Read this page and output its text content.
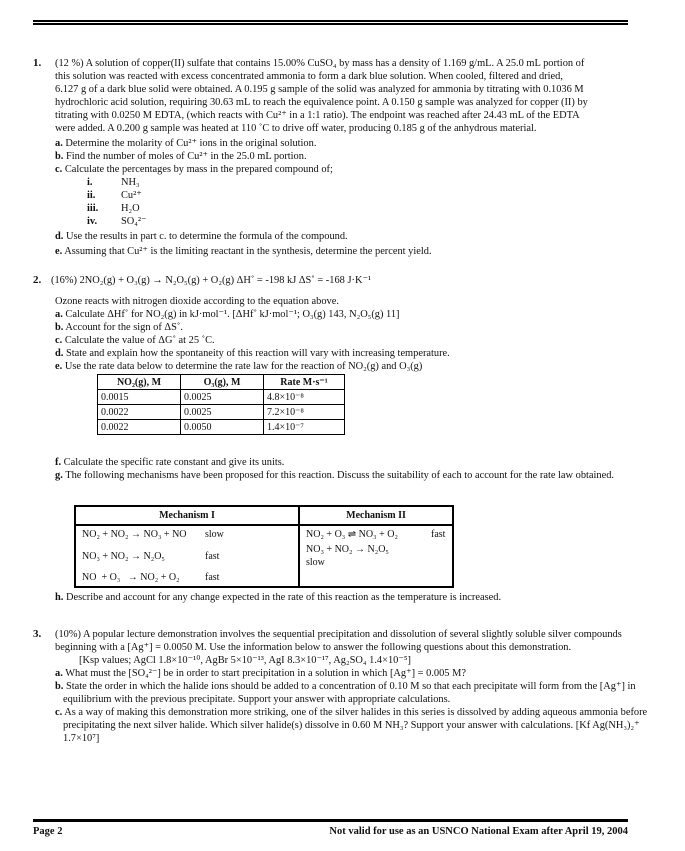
1. (12 %) A solution of copper(II) sulfate that contains 15.00% CuSO₄ by mass has a density of 1.169 g/mL. A 25.0 mL portion of
this solution was reacted with excess concentrated ammonia to form a dark blue solution. When cooled, filtered and dried,
6.127 g of a dark blue solid were obtained. A 0.195 g sample of the solid was analyzed for ammonia by titrating with 0.1036 M
hydrochloric acid solution, requiring 30.63 mL to reach the equivalence point. A 0.150 g sample was analyzed for copper (II) by
titrating with 0.0250 M EDTA, (which reacts with Cu²⁺ in a 1:1 ratio). The endpoint was reached after 24.43 mL of the EDTA
were added. A 0.200 g sample was heated at 110 ˚C to drive off water, producing 0.185 g of the anhydrous material.
a. Determine the molarity of Cu²⁺ ions in the original solution.
b. Find the number of moles of Cu²⁺ in the 25.0 mL portion.
c. Calculate the percentages by mass in the prepared compound of;
i.	NH₃
ii.	Cu²⁺
iii.	H₂O
iv.	SO₄²⁻
d. Use the results in part c. to determine the formula of the compound.
e. Assuming that Cu²⁺ is the limiting reactant in the synthesis, determine the percent yield.
2. (16%) 2NO₂(g) + O₃(g) → N₂O₅(g) + O₂(g) ΔH˚ = -198 kJ ΔS˚ = -168 J·K⁻¹
Ozone reacts with nitrogen dioxide according to the equation above.
a. Calculate ΔHf˚ for NO₂(g) in kJ·mol⁻¹. [ΔHf˚ kJ·mol⁻¹; O₃(g) 143, N₂O₅(g) 11]
b. Account for the sign of ΔS˚.
c. Calculate the value of ΔG˚ at 25 ˚C.
d. State and explain how the spontaneity of this reaction will vary with increasing temperature.
e. Use the rate data below to determine the rate law for the reaction of NO₂(g) and O₃(g)
NO₂(g), M	O₃(g), M	Rate M·s⁻¹
0.0015	0.0025	4.8×10⁻⁸
0.0022	0.0025	7.2×10⁻⁸
0.0022	0.0050	1.4×10⁻⁷
f. Calculate the specific rate constant and give its units.
g. The following mechanisms have been proposed for this reaction. Discuss the suitability of each to account for the rate law obtained.
Mechanism I	Mechanism II
NO₂ + NO₂ → NO₃ + NO slow	NO₂ + O₃ ⇌ NO₃ + O₂ fast
NO₃ + NO₂ → N₂O₅ fast	NO₃ + NO₂ → N₂O₅slow
NO  + O₃   → NO₂ + O₂ fast	
h. Describe and account for any change expected in the rate of this reaction as the temperature is increased.
3. (10%) A popular lecture demonstration involves the sequential precipitation and dissolution of several slightly soluble silver compounds beginning with a [Ag⁺] = 0.0050 M. Use the information below to answer the following questions about this demonstration.
[Ksp values; AgCl 1.8×10⁻¹⁰, AgBr 5×10⁻¹³, AgI 8.3×10⁻¹⁷, Ag₂SO₄ 1.4×10⁻⁵]
a. What must the [SO₄²⁻] be in order to start precipitation in a solution in which [Ag⁺] = 0.005 M?
b. State the order in which the halide ions should be added to a concentration of 0.10 M so that each precipitate will form from the [Ag⁺] in equilibrium with the previous precipitate. Support your answer with appropriate calculations.
c. As a way of making this demonstration more striking, one of the silver halides in this series is dissolved by adding aqueous ammonia before precipitating the next silver halide. Which silver halide(s) dissolve in 0.60 M NH₃? Support your answer with calculations. [Kf Ag(NH₃)₂⁺ 1.7×10⁷]
Page 2	Not valid for use as an USNCO National Exam after April 19, 2004
